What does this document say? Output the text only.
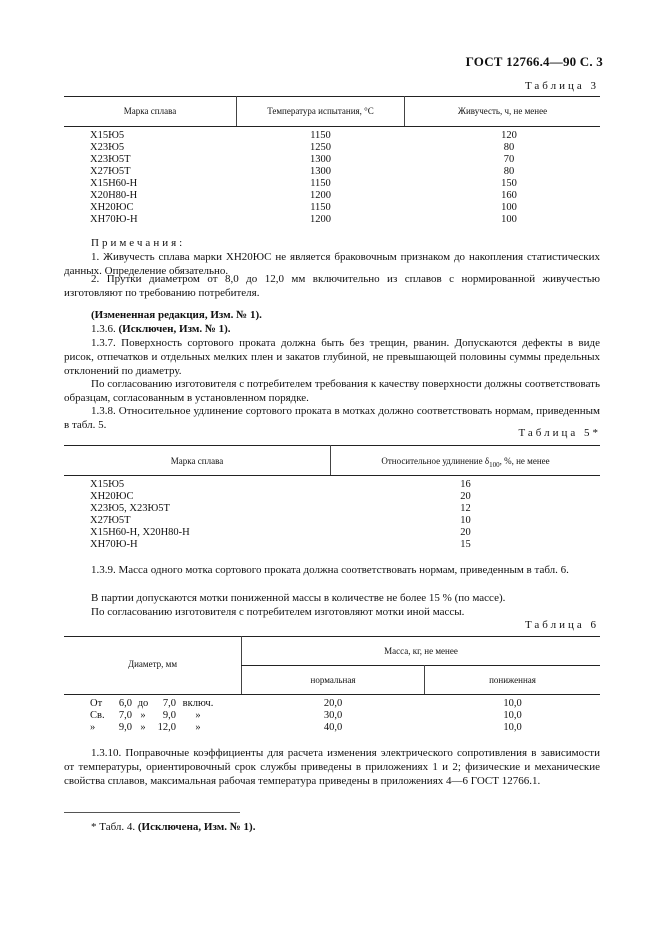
ГОСТ 12766.4—90 С. 3
Таблица 3
Марка сплава	Температура испытания, °С	Живучесть, ч, не менее
Х15Ю5	1150	120
Х23Ю5	1250	80
Х23Ю5Т	1300	70
Х27Ю5Т	1300	80
Х15Н60-Н	1150	150
Х20Н80-Н	1200	160
ХН20ЮС	1150	100
ХН70Ю-Н	1200	100
Примечания:
1. Живучесть сплава марки ХН20ЮС не является браковочным признаком до накопления статистических данных. Определение обязательно.
2. Прутки диаметром от 8,0 до 12,0 мм включительно из сплавов с нормированной живучестью изготовляют по требованию потребителя.
(Измененная редакция, Изм. № 1).
1.3.6. (Исключен, Изм. № 1).
1.3.7. Поверхность сортового проката должна быть без трещин, рванин. Допускаются дефекты в виде рисок, отпечатков и отдельных мелких плен и закатов глубиной, не превышающей половины суммы предельных отклонений по диаметру.
По согласованию изготовителя с потребителем требования к качеству поверхности должны соответствовать образцам, согласованным в установленном порядке.
1.3.8. Относительное удлинение сортового проката в мотках должно соответствовать нормам, приведенным в табл. 5.
Таблица 5*
Марка сплава	Относительное удлинение $\delta_{100}$, %, не менее
Х15Ю5	16
ХН20ЮС	20
Х23Ю5, Х23Ю5Т	12
Х27Ю5Т	10
Х15Н60-Н, Х20Н80-Н	20
ХН70Ю-Н	15
1.3.9. Масса одного мотка сортового проката должна соответствовать нормам, приведенным в табл. 6.
В партии допускаются мотки пониженной массы в количестве не более 15 % (по массе).
По согласованию изготовителя с потребителем изготовляют мотки иной массы.
Таблица 6
Диаметр, мм
Масса, кг, не менее
нормальная	пониженная
От	6,0 до	7,0 включ.	20,0	10,0
Св.	7,0 »	9,0	»	30,0	10,0
»	9,0 »	12,0	»	40,0	10,0
1.3.10. Поправочные коэффициенты для расчета изменения электрического сопротивления в зависимости от температуры, ориентировочный срок службы приведены в приложениях 1 и 2; физические и механические свойства сплавов, максимальная рабочая температура приведены в приложениях 4—6 ГОСТ 12766.1.
* Табл. 4. (Исключена, Изм. № 1).
